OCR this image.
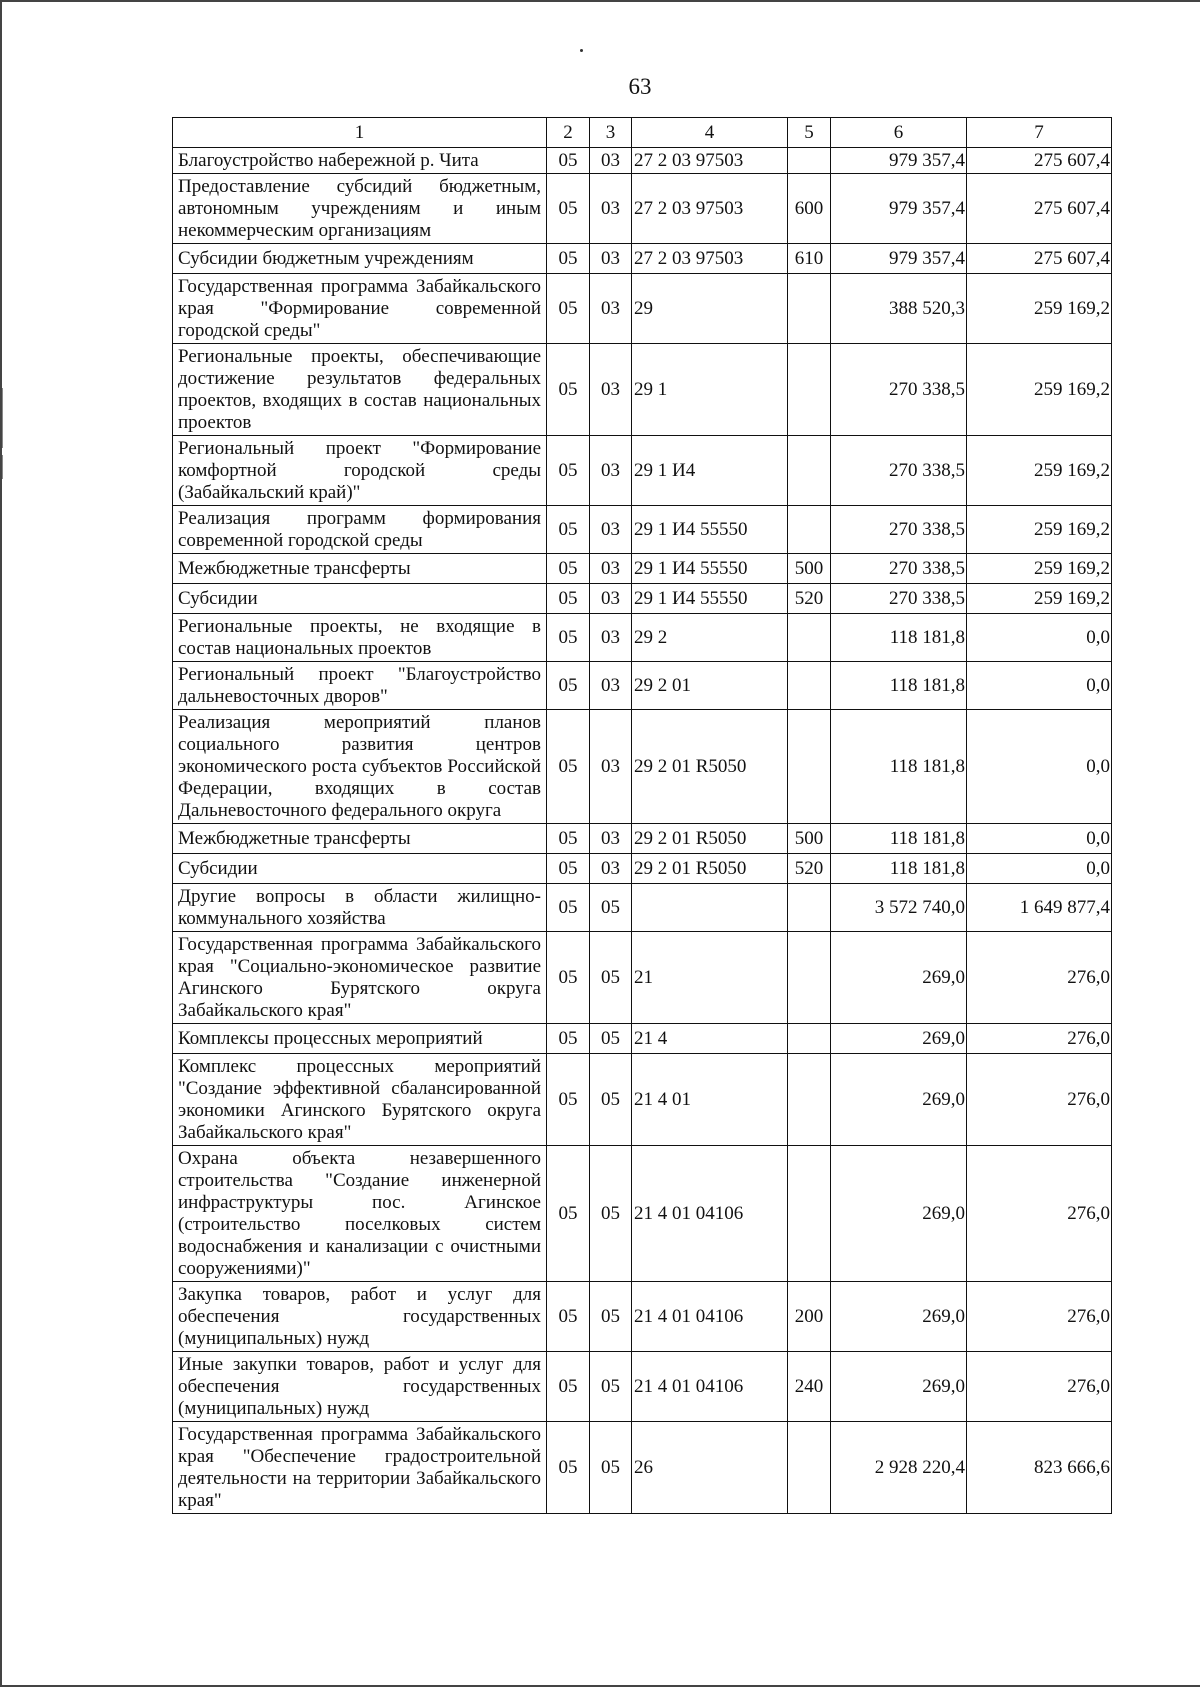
63
1	2	3	4	5	6	7
Благоустройство набережной р. Чита	05	03	27 2 03 97503		979 357,4	275 607,4
Предоставление субсидий бюджетным, автономным учреждениям и иным некоммерческим организациям	05	03	27 2 03 97503	600	979 357,4	275 607,4
Субсидии бюджетным учреждениям	05	03	27 2 03 97503	610	979 357,4	275 607,4
Государственная программа Забайкальского края "Формирование современной городской среды"	05	03	29		388 520,3	259 169,2
Региональные проекты, обеспечивающие достижение результатов федеральных проектов, входящих в состав национальных проектов	05	03	29 1		270 338,5	259 169,2
Региональный проект "Формирование комфортной городской среды (Забайкальский край)"	05	03	29 1 И4		270 338,5	259 169,2
Реализация программ формирования современной городской среды	05	03	29 1 И4 55550		270 338,5	259 169,2
Межбюджетные трансферты	05	03	29 1 И4 55550	500	270 338,5	259 169,2
Субсидии	05	03	29 1 И4 55550	520	270 338,5	259 169,2
Региональные проекты, не входящие в состав национальных проектов	05	03	29 2		118 181,8	0,0
Региональный проект "Благоустройство дальневосточных дворов"	05	03	29 2 01		118 181,8	0,0
Реализация мероприятий планов социального развития центров экономического роста субъектов Российской Федерации, входящих в состав Дальневосточного федерального округа	05	03	29 2 01 R5050		118 181,8	0,0
Межбюджетные трансферты	05	03	29 2 01 R5050	500	118 181,8	0,0
Субсидии	05	03	29 2 01 R5050	520	118 181,8	0,0
Другие вопросы в области жилищно-коммунального хозяйства	05	05			3 572 740,0	1 649 877,4
Государственная программа Забайкальского края "Социально-экономическое развитие Агинского Бурятского округа Забайкальского края"	05	05	21		269,0	276,0
Комплексы процессных мероприятий	05	05	21 4		269,0	276,0
Комплекс процессных мероприятий "Создание эффективной сбалансированной экономики Агинского Бурятского округа Забайкальского края"	05	05	21 4 01		269,0	276,0
Охрана объекта незавершенного строительства "Создание инженерной инфраструктуры пос. Агинское (строительство поселковых систем водоснабжения и канализации с очистными сооружениями)"	05	05	21 4 01 04106		269,0	276,0
Закупка товаров, работ и услуг для обеспечения государственных (муниципальных) нужд	05	05	21 4 01 04106	200	269,0	276,0
Иные закупки товаров, работ и услуг для обеспечения государственных (муниципальных) нужд	05	05	21 4 01 04106	240	269,0	276,0
Государственная программа Забайкальского края "Обеспечение градостроительной деятельности на территории Забайкальского края"	05	05	26		2 928 220,4	823 666,6
